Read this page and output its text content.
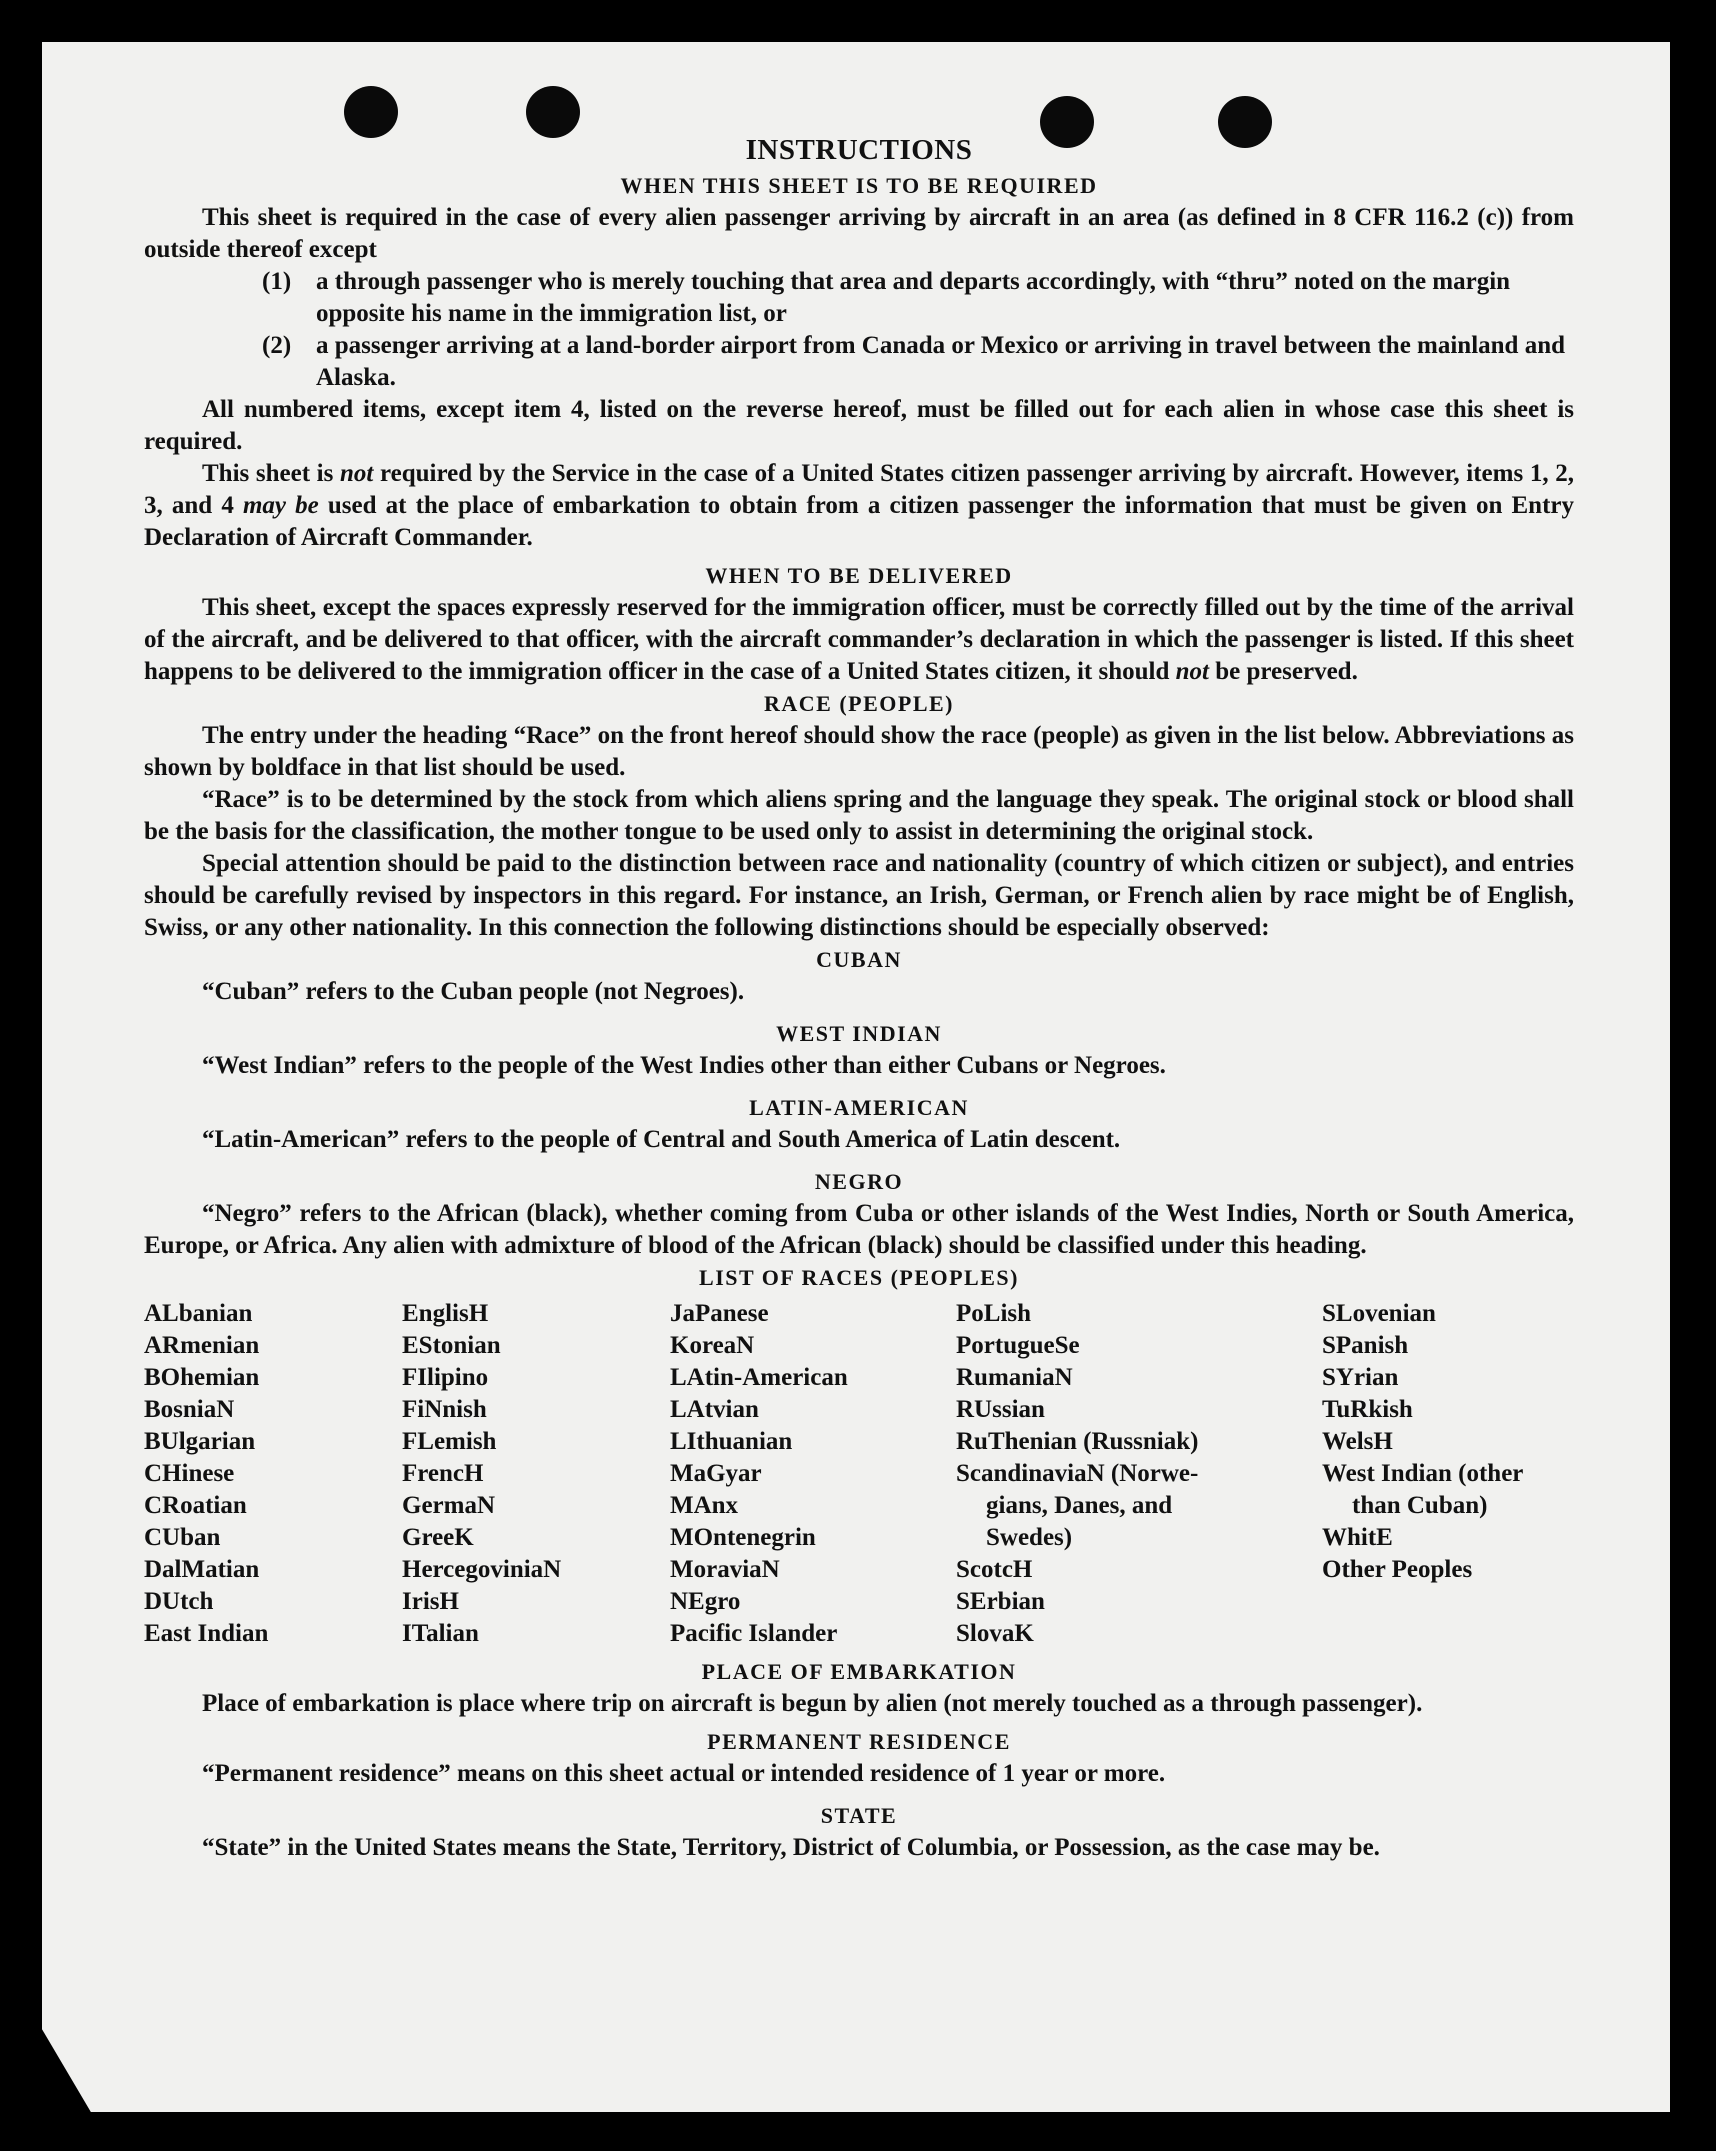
INSTRUCTIONS
WHEN THIS SHEET IS TO BE REQUIRED

This sheet is required in the case of every alien passenger arriving by aircraft in an area (as defined in 8 CFR 116.2 (c)) from outside thereof except

(1) a through passenger who is merely touching that area and departs accordingly, with “thru” noted on the margin opposite his name in the immigration list, or
(2) a passenger arriving at a land-border airport from Canada or Mexico or arriving in travel between the mainland and Alaska.

All numbered items, except item 4, listed on the reverse hereof, must be filled out for each alien in whose case this sheet is required.

This sheet is not required by the Service in the case of a United States citizen passenger arriving by aircraft. However, items 1, 2, 3, and 4 may be used at the place of embarkation to obtain from a citizen passenger the information that must be given on Entry Declaration of Aircraft Commander.

WHEN TO BE DELIVERED

This sheet, except the spaces expressly reserved for the immigration officer, must be correctly filled out by the time of the arrival of the aircraft, and be delivered to that officer, with the aircraft commander’s declaration in which the passenger is listed. If this sheet happens to be delivered to the immigration officer in the case of a United States citizen, it should not be preserved.

RACE (PEOPLE)

The entry under the heading “Race” on the front hereof should show the race (people) as given in the list below. Abbreviations as shown by boldface in that list should be used.

“Race” is to be determined by the stock from which aliens spring and the language they speak. The original stock or blood shall be the basis for the classification, the mother tongue to be used only to assist in determining the original stock.

Special attention should be paid to the distinction between race and nationality (country of which citizen or subject), and entries should be carefully revised by inspectors in this regard. For instance, an Irish, German, or French alien by race might be of English, Swiss, or any other nationality. In this connection the following distinctions should be especially observed:

CUBAN

“Cuban” refers to the Cuban people (not Negroes).

WEST INDIAN

“West Indian” refers to the people of the West Indies other than either Cubans or Negroes.

LATIN-AMERICAN

“Latin-American” refers to the people of Central and South America of Latin descent.

NEGRO

“Negro” refers to the African (black), whether coming from Cuba or other islands of the West Indies, North or South America, Europe, or Africa. Any alien with admixture of blood of the African (black) should be classified under this heading.

LIST OF RACES (PEOPLES)
ALbanian
ARmenian
BOhemian
BosniaN
BUlgarian
CHinese
CRoatian
CUban
DalMatian
DUtch
East Indian
EnglisH
EStonian
FIlipino
FiNnish
FLemish
FrencH
GermaN
GreeK
HercegoviniaN
IrisH
ITalian
JaPanese
KoreaN
LAtin-American
LAtvian
LIthuanian
MaGyar
MAnx
MOntenegrin
MoraviaN
NEgro
Pacific Islander
PoLish
PortugueSe
RumaniaN
RUssian
RuThenian (Russniak)
ScandinaviaN (Norwe-
gians, Danes, and
Swedes)
ScotcH
SErbian
SlovaK
SLovenian
SPanish
SYrian
TuRkish
WelsH
West Indian (other
than Cuban)
WhitE
Other Peoples
PLACE OF EMBARKATION

Place of embarkation is place where trip on aircraft is begun by alien (not merely touched as a through passenger).

PERMANENT RESIDENCE

“Permanent residence” means on this sheet actual or intended residence of 1 year or more.

STATE

“State” in the United States means the State, Territory, District of Columbia, or Possession, as the case may be.
